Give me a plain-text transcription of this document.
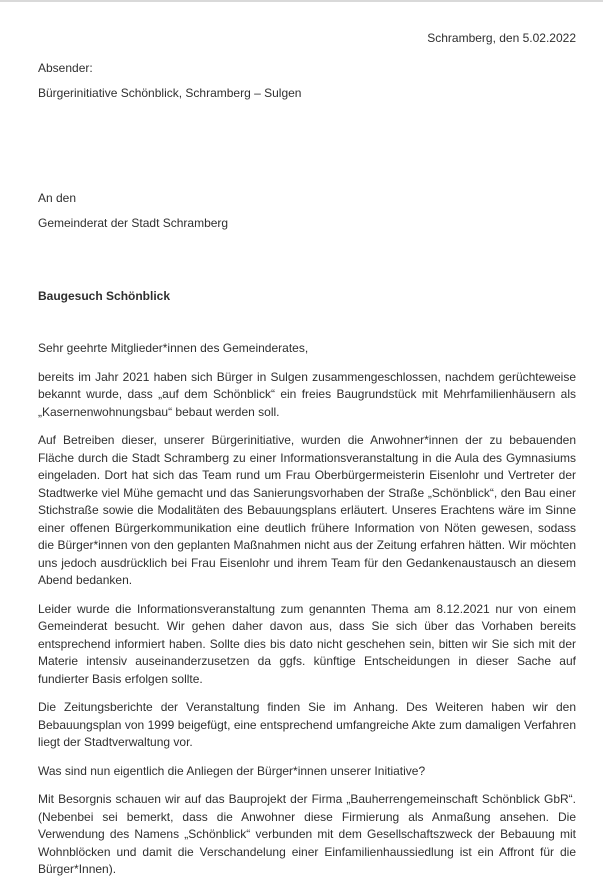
Schramberg, den 5.02.2022

Absender:

Bürgerinitiative Schönblick, Schramberg – Sulgen

An den

Gemeinderat der Stadt Schramberg

Baugesuch Schönblick

Sehr geehrte Mitglieder*innen des Gemeinderates,

bereits im Jahr 2021 haben sich Bürger in Sulgen zusammengeschlossen, nachdem gerüchteweise bekannt wurde, dass „auf dem Schönblick“ ein freies Baugrundstück mit Mehrfamilienhäusern als „Kasernenwohnungsbau“ bebaut werden soll.

Auf Betreiben dieser, unserer Bürgerinitiative, wurden die Anwohner*innen der zu bebauenden Fläche durch die Stadt Schramberg zu einer Informationsveranstaltung in die Aula des Gymnasiums eingeladen. Dort hat sich das Team rund um Frau Oberbürgermeisterin Eisenlohr und Vertreter der Stadtwerke viel Mühe gemacht und das Sanierungsvorhaben der Straße „Schönblick“, den Bau einer Stichstraße sowie die Modalitäten des Bebauungsplans erläutert. Unseres Erachtens wäre im Sinne einer offenen Bürgerkommunikation eine deutlich frühere Information von Nöten gewesen, sodass die Bürger*innen von den geplanten Maßnahmen nicht aus der Zeitung erfahren hätten. Wir möchten uns jedoch ausdrücklich bei Frau Eisenlohr und ihrem Team für den Gedankenaustausch an diesem Abend bedanken.

Leider wurde die Informationsveranstaltung zum genannten Thema am 8.12.2021 nur von einem Gemeinderat besucht. Wir gehen daher davon aus, dass Sie sich über das Vorhaben bereits entsprechend informiert haben. Sollte dies bis dato nicht geschehen sein, bitten wir Sie sich mit der Materie intensiv auseinanderzusetzen da ggfs. künftige Entscheidungen in dieser Sache auf fundierter Basis erfolgen sollte.

Die Zeitungsberichte der Veranstaltung finden Sie im Anhang. Des Weiteren haben wir den Bebauungsplan von 1999 beigefügt, eine entsprechend umfangreiche Akte zum damaligen Verfahren liegt der Stadtverwaltung vor.

Was sind nun eigentlich die Anliegen der Bürger*innen unserer Initiative?

Mit Besorgnis schauen wir auf das Bauprojekt der Firma „Bauherrengemeinschaft Schönblick GbR“. (Nebenbei sei bemerkt, dass die Anwohner diese Firmierung als Anmaßung ansehen. Die Verwendung des Namens „Schönblick“ verbunden mit dem Gesellschaftszweck der Bebauung mit Wohnblöcken und damit die Verschandelung einer Einfamilienhaussiedlung ist ein Affront für die Bürger*Innen).
